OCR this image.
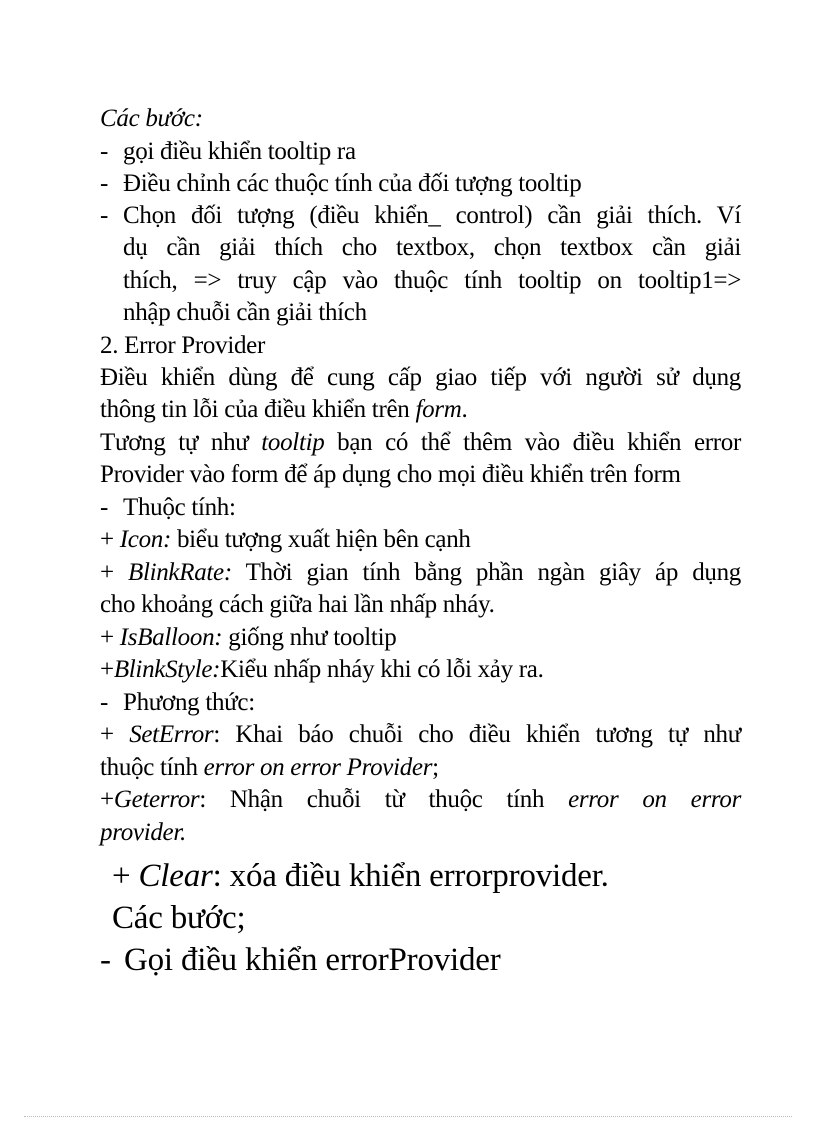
Các bước:
- gọi điều khiển tooltip ra
- Điều chỉnh các thuộc tính của đối tượng tooltip
- Chọn đối tượng (điều khiển_ control) cần giải thích. Ví
dụ cần giải thích cho textbox, chọn textbox cần giải
thích, => truy cập vào thuộc tính tooltip on tooltip1=>
nhập chuỗi cần giải thích
2. Error Provider
Điều khiển dùng để cung cấp giao tiếp với người sử dụng
thông tin lỗi của điều khiển trên form.
Tương tự như tooltip bạn có thể thêm vào điều khiển error
Provider vào form để áp dụng cho mọi điều khiển trên form
- Thuộc tính:
+ Icon: biểu tượng xuất hiện bên cạnh
+ BlinkRate: Thời gian tính bằng phần ngàn giây áp dụng
cho khoảng cách giữa hai lần nhấp nháy.
+ IsBalloon: giống như tooltip
+BlinkStyle:Kiểu nhấp nháy khi có lỗi xảy ra.
- Phương thức:
+ SetError: Khai báo chuỗi cho điều khiển tương tự như
thuộc tính error on error Provider;
+Geterror: Nhận chuỗi từ thuộc tính error on error
provider.
+ Clear: xóa điều khiển errorprovider.
Các bước;
- Gọi điều khiển errorProvider
